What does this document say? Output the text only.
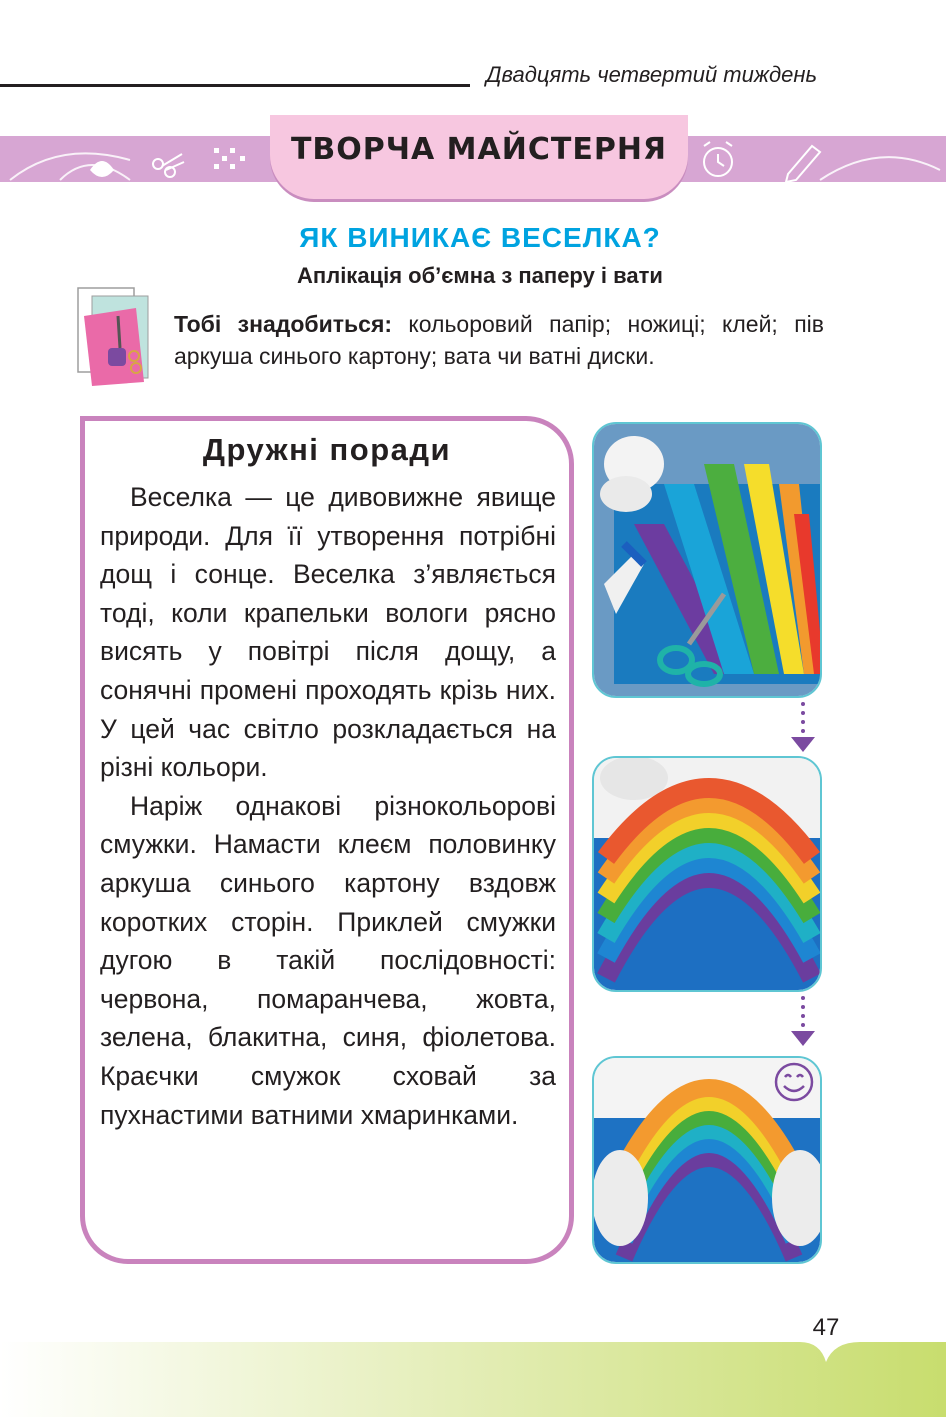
Двадцять четвертий тиждень
ТВОРЧА МАЙСТЕРНЯ
ЯК ВИНИКАЄ ВЕСЕЛКА?
Аплікація об’ємна з паперу і вати
Тобі знадобиться: кольоровий папір; ножиці; клей; пів аркуша синього картону; вата чи ватні диски.
Дружні поради

Веселка — це дивовижне явище природи. Для її утворення потрібні дощ і сонце. Веселка з’являється тоді, коли крапельки вологи рясно висять у повітрі після дощу, а сонячні промені проходять крізь них. У цей час світло розкладається на різні кольори.

Наріж однакові різнокольорові смужки. Намасти клеєм половинку аркуша синього картону вздовж коротких сторін. Приклей смужки дугою в такій послідовності: червона, помаранчева, жовта, зелена, блакитна, синя, фіолетова. Краєчки смужок сховай за пухнастими ватними хмаринками.

47
